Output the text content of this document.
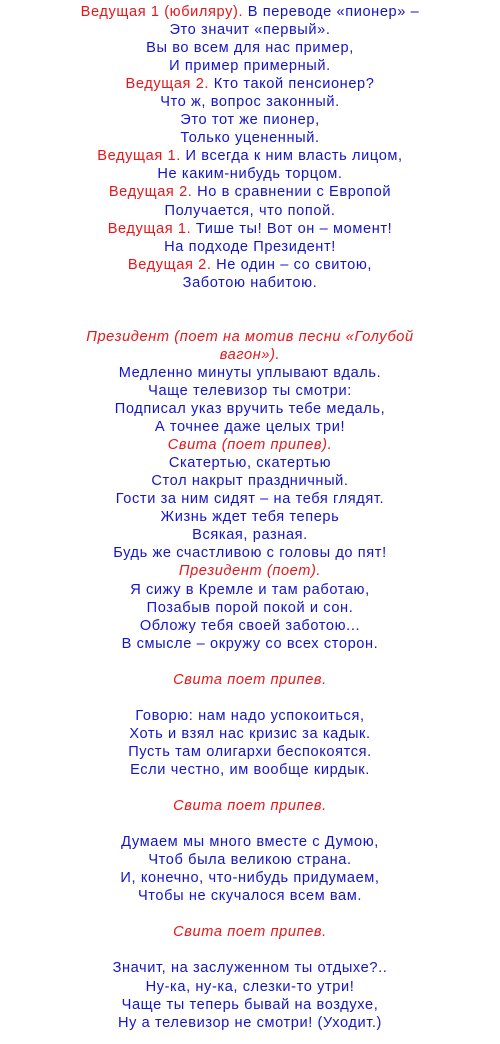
Ведущая 1 (юбиляру). В переводе «пионер» –
Это значит «первый».
Вы во всем для нас пример,
И пример примерный.
Ведущая 2. Кто такой пенсионер?
Что ж, вопрос законный.
Это тот же пионер,
Только уцененный.
Ведущая 1. И всегда к ним власть лицом,
Не каким-нибудь торцом.
Ведущая 2. Но в сравнении с Европой
Получается, что попой.
Ведущая 1. Тише ты! Вот он – момент!
На подходе Президент!
Ведущая 2. Не один – со свитою,
Заботою набитою.
Президент (поет на мотив песни «Голубой
вагон»).
Медленно минуты уплывают вдаль.
Чаще телевизор ты смотри:
Подписал указ вручить тебе медаль,
А точнее даже целых три!
Свита (поет припев).
Скатертью, скатертью
Стол накрыт праздничный.
Гости за ним сидят – на тебя глядят.
Жизнь ждет тебя теперь
Всякая, разная.
Будь же счастливою с головы до пят!
Президент (поет).
Я сижу в Кремле и там работаю,
Позабыв порой покой и сон.
Обложу тебя своей заботою...
В смысле – окружу со всех сторон.
Свита поет припев.
Говорю: нам надо успокоиться,
Хоть и взял нас кризис за кадык.
Пусть там олигархи беспокоятся.
Если честно, им вообще кирдык.
Свита поет припев.
Думаем мы много вместе с Думою,
Чтоб была великою страна.
И, конечно, что-нибудь придумаем,
Чтобы не скучалося всем вам.
Свита поет припев.
Значит, на заслуженном ты отдыхе?..
Ну-ка, ну-ка, слезки-то утри!
Чаще ты теперь бывай на воздухе,
Ну а телевизор не смотри! (Уходит.)
